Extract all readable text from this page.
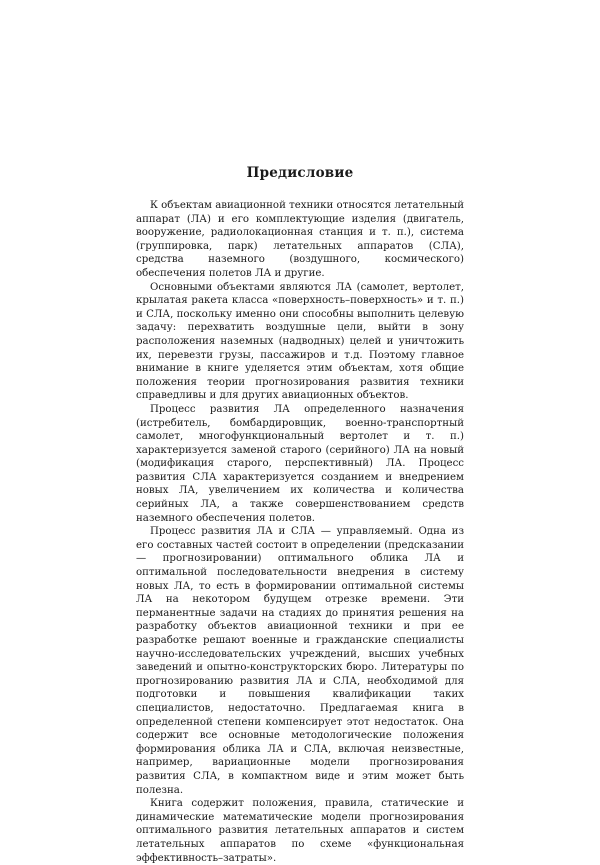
Предисловие

К объектам авиационной техники относятся летательный аппарат (ЛА) и его комплектующие изделия (двигатель, вооружение, радиолокационная станция и т. п.), система (группировка, парк) летательных аппаратов (СЛА), средства наземного (воздушного, космического) обеспечения полетов ЛА и другие.

Основными объектами являются ЛА (самолет, вертолет, крылатая ракета класса «поверхность–поверхность» и т. п.) и СЛА, поскольку именно они способны выполнить целевую задачу: перехватить воздушные цели, выйти в зону расположения наземных (надводных) целей и уничтожить их, перевезти грузы, пассажиров и т.д. Поэтому главное внимание в книге уделяется этим объектам, хотя общие положения теории прогнозирования развития техники справедливы и для других авиационных объектов.

Процесс развития ЛА определенного назначения (истребитель, бомбардировщик, военно-транспортный самолет, многофункциональный вертолет и т. п.) характеризуется заменой старого (серийного) ЛА на новый (модификация старого, перспективный) ЛА. Процесс развития СЛА характеризуется созданием и внедрением новых ЛА, увеличением их количества и количества серийных ЛА, а также совершенствованием средств наземного обеспечения полетов.

Процесс развития ЛА и СЛА — управляемый. Одна из его составных частей состоит в определении (предсказании — прогнозировании) оптимального облика ЛА и оптимальной последовательности внедрения в систему новых ЛА, то есть в формировании оптимальной системы ЛА на некотором будущем отрезке времени. Эти перманентные задачи на стадиях до принятия решения на разработку объектов авиационной техники и при ее разработке решают военные и гражданские специалисты научно-исследовательских учреждений, высших учебных заведений и опытно-конструкторских бюро. Литературы по прогнозированию развития ЛА и СЛА, необходимой для подготовки и повышения квалификации таких специалистов, недостаточно. Предлагаемая книга в определенной степени компенсирует этот недостаток. Она содержит все основные методологические положения формирования облика ЛА и СЛА, включая неизвестные, например, вариационные модели прогнозирования развития СЛА, в компактном виде и этим может быть полезна.

Книга содержит положения, правила, статические и динамические математические модели прогнозирования оптимального развития летательных аппаратов и систем летательных аппаратов по схеме «функциональная эффективность–затраты».
